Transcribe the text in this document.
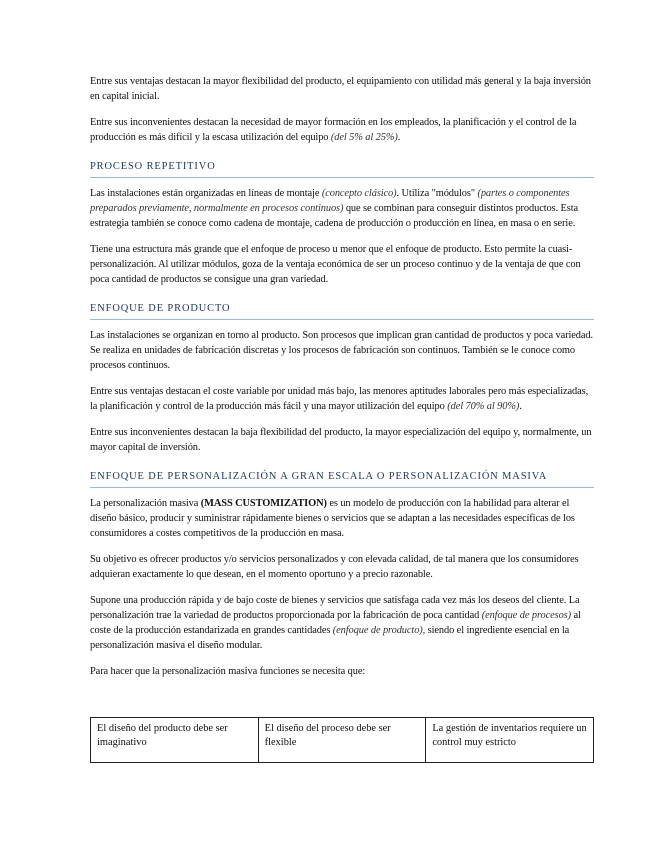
Entre sus ventajas destacan la mayor flexibilidad del producto, el equipamiento con utilidad más general y la baja inversión en capital inicial.

Entre sus inconvenientes destacan la necesidad de mayor formación en los empleados, la planificación y el control de la producción es más difícil y la escasa utilización del equipo (del 5% al 25%).

PROCESO REPETITIVO

Las instalaciones están organizadas en líneas de montaje (concepto clásico). Utiliza "módulos" (partes o componentes preparados previamente, normalmente en procesos continuos) que se combinan para conseguir distintos productos. Esta estrategia también se conoce como cadena de montaje, cadena de producción o producción en línea, en masa o en serie.

Tiene una estructura más grande que el enfoque de proceso u menor que el enfoque de producto. Esto permite la cuasi-personalización. Al utilizar módulos, goza de la ventaja económica de ser un proceso continuo y de la ventaja de que con poca cantidad de productos se consigue una gran variedad.

ENFOQUE DE PRODUCTO

Las instalaciones se organizan en torno al producto. Son procesos que implican gran cantidad de productos y poca variedad. Se realiza en unidades de fabricación discretas y los procesos de fabricación son continuos. También se le conoce como procesos continuos.

Entre sus ventajas destacan el coste variable por unidad más bajo, las menores aptitudes laborales pero más especializadas, la planificación y control de la producción más fácil y una mayor utilización del equipo (del 70% al 90%).

Entre sus inconvenientes destacan la baja flexibilidad del producto, la mayor especialización del equipo y, normalmente, un mayor capital de inversión.

ENFOQUE DE PERSONALIZACIÓN A GRAN ESCALA O PERSONALIZACIÓN MASIVA

La personalización masiva (MASS CUSTOMIZATION) es un modelo de producción con la habilidad para alterar el diseño básico, producir y suministrar rápidamente bienes o servicios que se adaptan a las necesidades específicas de los consumidores a costes competitivos de la producción en masa.

Su objetivo es ofrecer productos y/o servicios personalizados y con elevada calidad, de tal manera que los consumidores adquieran exactamente lo que desean, en el momento oportuno y a precio razonable.

Supone una producción rápida y de bajo coste de bienes y servicios que satisfaga cada vez más los deseos del cliente. La personalización trae la variedad de productos proporcionada por la fabricación de poca cantidad (enfoque de procesos) al coste de la producción estandarizada en grandes cantidades (enfoque de producto), siendo el ingrediente esencial en la personalización masiva el diseño modular.

Para hacer que la personalización masiva funciones se necesita que:

El diseño del producto debe ser imaginativo	El diseño del proceso debe ser flexible	La gestión de inventarios requiere un control muy estricto
